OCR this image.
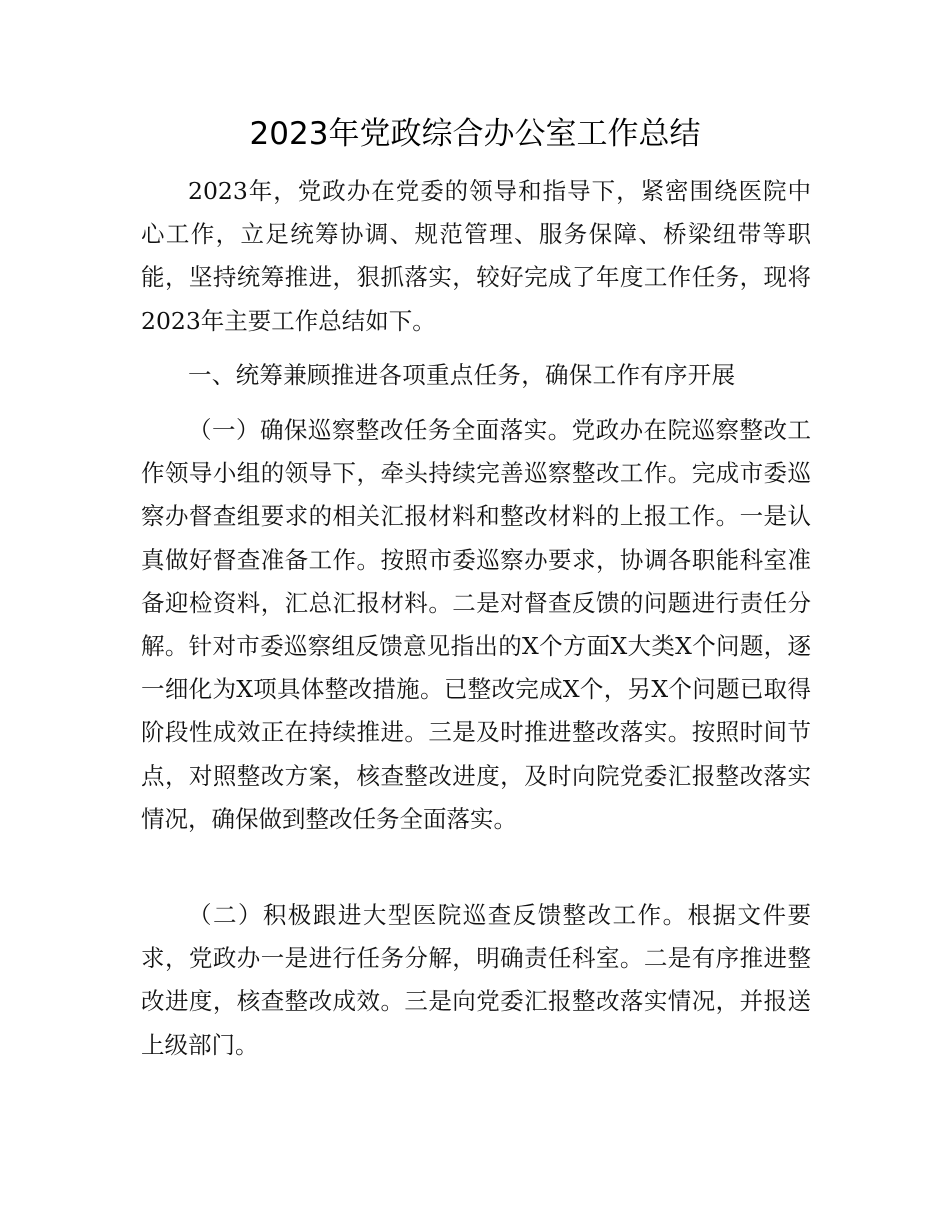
2023年党政综合办公室工作总结

2023年，党政办在党委的领导和指导下，紧密围绕医院中心工作，立足统筹协调、规范管理、服务保障、桥梁纽带等职能，坚持统筹推进，狠抓落实，较好完成了年度工作任务，现将2023年主要工作总结如下。

一、统筹兼顾推进各项重点任务，确保工作有序开展

（一）确保巡察整改任务全面落实。党政办在院巡察整改工作领导小组的领导下，牵头持续完善巡察整改工作。完成市委巡察办督查组要求的相关汇报材料和整改材料的上报工作。一是认真做好督查准备工作。按照市委巡察办要求，协调各职能科室准备迎检资料，汇总汇报材料。二是对督查反馈的问题进行责任分解。针对市委巡察组反馈意见指出的X个方面X大类X个问题，逐一细化为X项具体整改措施。已整改完成X个，另X个问题已取得阶段性成效正在持续推进。三是及时推进整改落实。按照时间节点，对照整改方案，核查整改进度，及时向院党委汇报整改落实情况，确保做到整改任务全面落实。

（二）积极跟进大型医院巡查反馈整改工作。根据文件要求，党政办一是进行任务分解，明确责任科室。二是有序推进整改进度，核查整改成效。三是向党委汇报整改落实情况，并报送上级部门。
